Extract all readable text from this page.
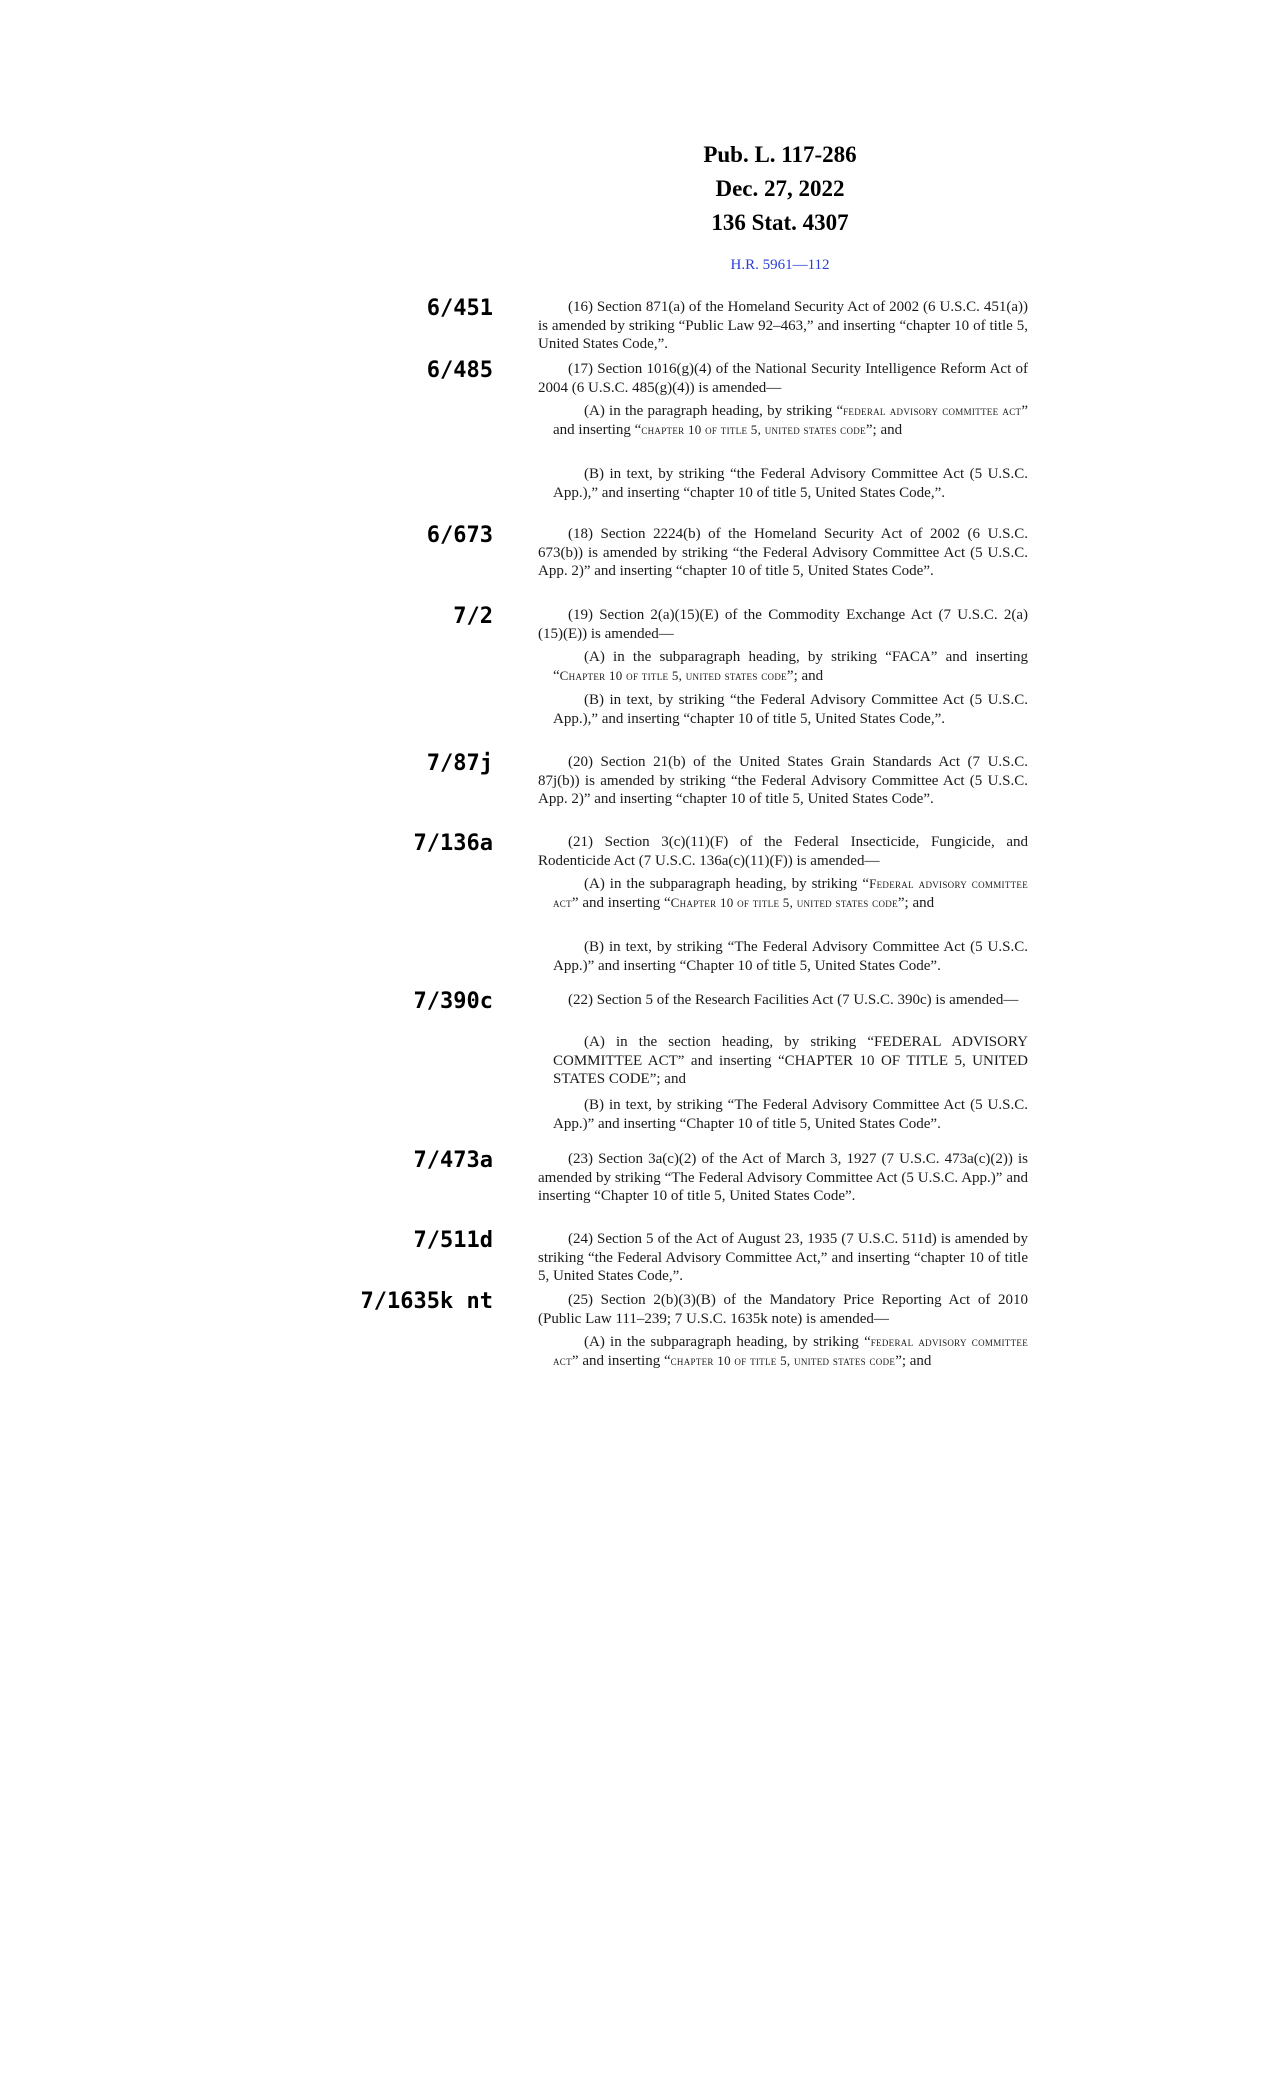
Pub. L. 117-286
Dec. 27, 2022
136 Stat. 4307
H.R. 5961—112
6/451	(16) Section 871(a) of the Homeland Security Act of 2002 (6 U.S.C. 451(a)) is amended by striking “Public Law 92–463,” and inserting “chapter 10 of title 5, United States Code,”.
6/485	(17) Section 1016(g)(4) of the National Security Intelligence Reform Act of 2004 (6 U.S.C. 485(g)(4)) is amended—
(A) in the paragraph heading, by striking “federal advisory committee act” and inserting “chapter 10 of title 5, united states code”; and
(B) in text, by striking “the Federal Advisory Committee Act (5 U.S.C. App.),” and inserting “chapter 10 of title 5, United States Code,”.
6/673	(18) Section 2224(b) of the Homeland Security Act of 2002 (6 U.S.C. 673(b)) is amended by striking “the Federal Advisory Committee Act (5 U.S.C. App. 2)” and inserting “chapter 10 of title 5, United States Code”.
7/2	(19) Section 2(a)(15)(E) of the Commodity Exchange Act (7 U.S.C. 2(a)(15)(E)) is amended—
(A) in the subparagraph heading, by striking “FACA” and inserting “Chapter 10 of title 5, united states code”; and
(B) in text, by striking “the Federal Advisory Committee Act (5 U.S.C. App.),” and inserting “chapter 10 of title 5, United States Code,”.
7/87j	(20) Section 21(b) of the United States Grain Standards Act (7 U.S.C. 87j(b)) is amended by striking “the Federal Advisory Committee Act (5 U.S.C. App. 2)” and inserting “chapter 10 of title 5, United States Code”.
7/136a	(21) Section 3(c)(11)(F) of the Federal Insecticide, Fungicide, and Rodenticide Act (7 U.S.C. 136a(c)(11)(F)) is amended—
(A) in the subparagraph heading, by striking “Federal advisory committee act” and inserting “Chapter 10 of title 5, united states code”; and
(B) in text, by striking “The Federal Advisory Committee Act (5 U.S.C. App.)” and inserting “Chapter 10 of title 5, United States Code”.
7/390c	(22) Section 5 of the Research Facilities Act (7 U.S.C. 390c) is amended—
(A) in the section heading, by striking “FEDERAL ADVISORY COMMITTEE ACT” and inserting “CHAPTER 10 OF TITLE 5, UNITED STATES CODE”; and
(B) in text, by striking “The Federal Advisory Committee Act (5 U.S.C. App.)” and inserting “Chapter 10 of title 5, United States Code”.
7/473a	(23) Section 3a(c)(2) of the Act of March 3, 1927 (7 U.S.C. 473a(c)(2)) is amended by striking “The Federal Advisory Committee Act (5 U.S.C. App.)” and inserting “Chapter 10 of title 5, United States Code”.
7/511d	(24) Section 5 of the Act of August 23, 1935 (7 U.S.C. 511d) is amended by striking “the Federal Advisory Committee Act,” and inserting “chapter 10 of title 5, United States Code,”.
7/1635k nt	(25) Section 2(b)(3)(B) of the Mandatory Price Reporting Act of 2010 (Public Law 111–239; 7 U.S.C. 1635k note) is amended—
(A) in the subparagraph heading, by striking “federal advisory committee act” and inserting “chapter 10 of title 5, united states code”; and
